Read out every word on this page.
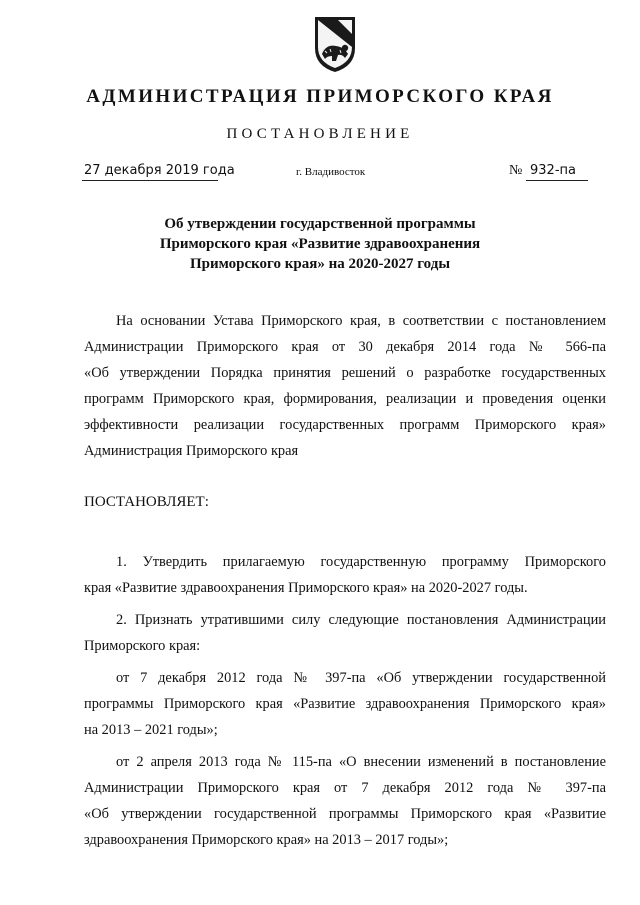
АДМИНИСТРАЦИЯ ПРИМОРСКОГО КРАЯ
ПОСТАНОВЛЕНИЕ
27 декабря 2019 года	г. Владивосток	№ 932-па
Об утверждении государственной программы
Приморского края «Развитие здравоохранения
Приморского края» на 2020-2027 годы
На основании Устава Приморского края, в соответствии с постановлением
Администрации Приморского края от 30 декабря 2014 года № 566-па
«Об утверждении Порядка принятия решений о разработке государственных
программ Приморского края, формирования, реализации и проведения оценки
эффективности реализации государственных программ Приморского края»
Администрация Приморского края
ПОСТАНОВЛЯЕТ:
1. Утвердить прилагаемую государственную программу Приморского
края «Развитие здравоохранения Приморского края» на 2020-2027 годы.
2. Признать утратившими силу следующие постановления Администрации
Приморского края:
от 7 декабря 2012 года № 397-па «Об утверждении государственной
программы Приморского края «Развитие здравоохранения Приморского края»
на 2013 – 2021 годы»;
от 2 апреля 2013 года № 115-па «О внесении изменений в постановление
Администрации Приморского края от 7 декабря 2012 года № 397-па
«Об утверждении государственной программы Приморского края «Развитие
здравоохранения Приморского края» на 2013 – 2017 годы»;
